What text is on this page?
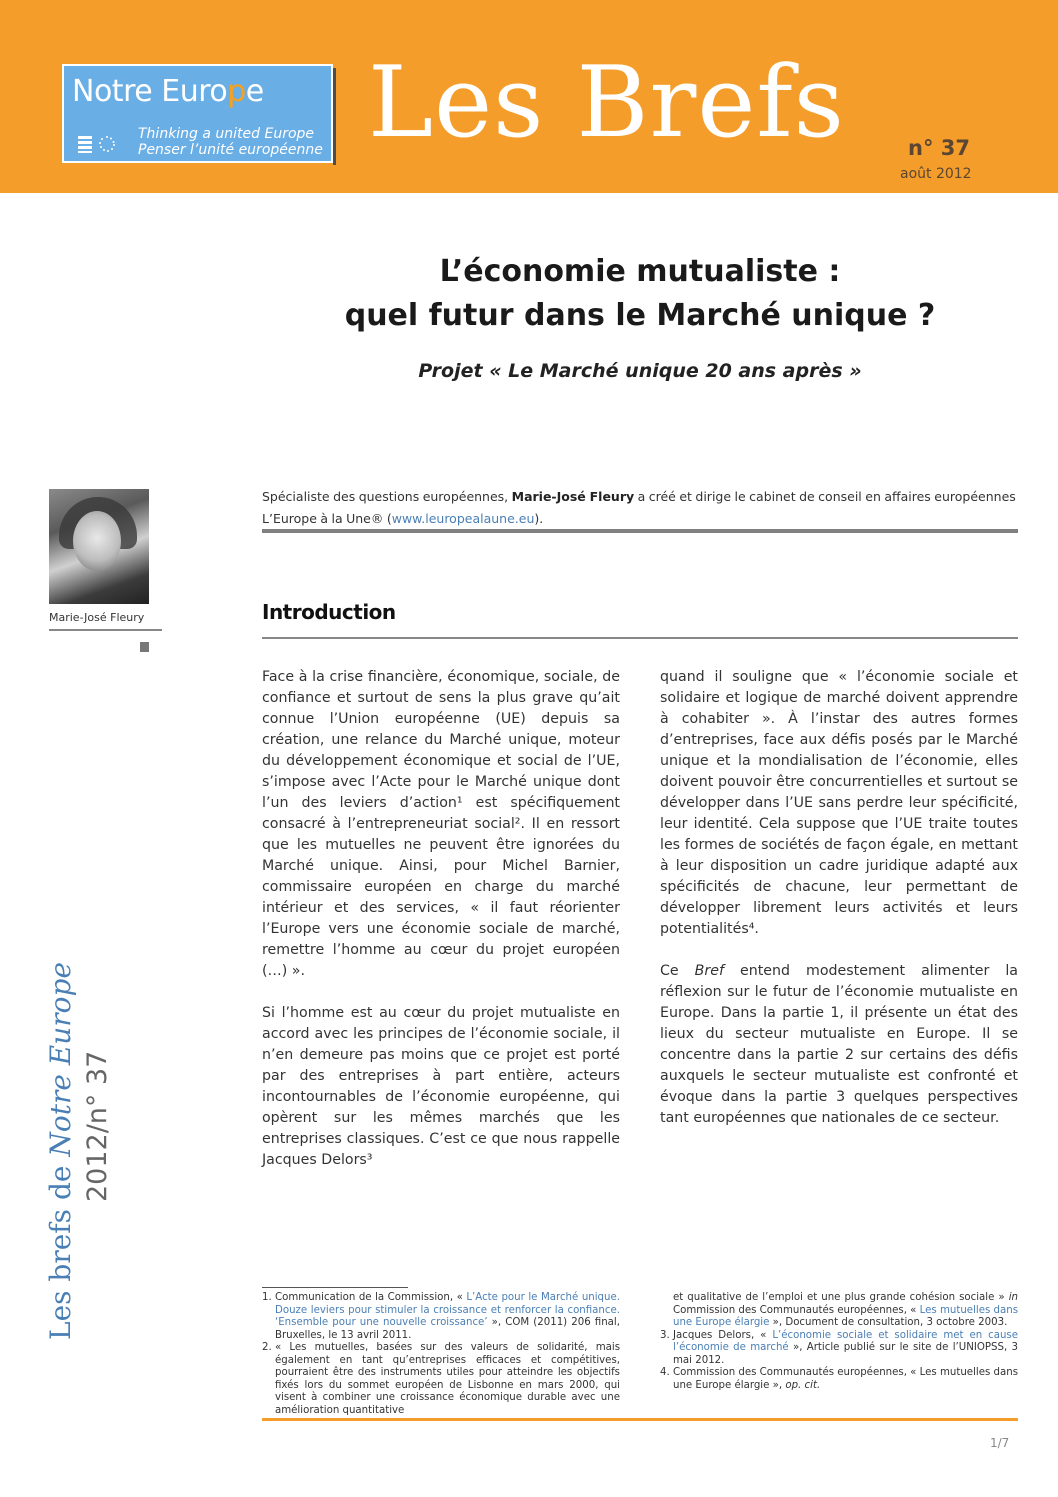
Notre Europe
Thinking a united Europe
Penser l’unité européenne Les Brefs	n° 37
août 2012
L’économie mutualiste :
quel futur dans le Marché unique ?
Projet « Le Marché unique 20 ans après »
Marie-José Fleury
Spécialiste des questions européennes, Marie-José Fleury a créé et dirige le cabinet de conseil en affaires européennes L’Europe à la Une® (www.leuropealaune.eu).
Introduction

Face à la crise financière, économique, sociale, de confiance et surtout de sens la plus grave qu’ait connue l’Union européenne (UE) depuis sa création, une relance du Marché unique, moteur du développement économique et social de l’UE, s’impose avec l’Acte pour le Marché unique dont l’un des leviers d’action¹ est spécifiquement consacré à l’entrepreneuriat social². Il en ressort que les mutuelles ne peuvent être ignorées du Marché unique. Ainsi, pour Michel Barnier, commissaire européen en charge du marché intérieur et des services, « il faut réorienter l’Europe vers une économie sociale de marché, remettre l’homme au cœur du projet européen (…) ».

Si l’homme est au cœur du projet mutualiste en accord avec les principes de l’économie sociale, il n’en demeure pas moins que ce projet est porté par des entreprises à part entière, acteurs incontournables de l’économie européenne, qui opèrent sur les mêmes marchés que les entreprises classiques. C’est ce que nous rappelle Jacques Delors³

quand il souligne que « l’économie sociale et solidaire et logique de marché doivent apprendre à cohabiter ». À l’instar des autres formes d’entreprises, face aux défis posés par le Marché unique et la mondialisation de l’économie, elles doivent pouvoir être concurrentielles et surtout se développer dans l’UE sans perdre leur spécificité, leur identité. Cela suppose que l’UE traite toutes les formes de sociétés de façon égale, en mettant à leur disposition un cadre juridique adapté aux spécificités de chacune, leur permettant de développer librement leurs activités et leurs potentialités⁴.

Ce Bref entend modestement alimenter la réflexion sur le futur de l’économie mutualiste en Europe. Dans la partie 1, il présente un état des lieux du secteur mutualiste en Europe. Il se concentre dans la partie 2 sur certains des défis auxquels le secteur mutualiste est confronté et évoque dans la partie 3 quelques perspectives tant européennes que nationales de ce secteur.

Les brefs de Notre Europe 2012/n° 37
1. Communication de la Commission, « L’Acte pour le Marché unique. Douze leviers pour stimuler la croissance et renforcer la confiance. ‘Ensemble pour une nouvelle croissance’ », COM (2011) 206 final, Bruxelles, le 13 avril 2011.
2. « Les mutuelles, basées sur des valeurs de solidarité, mais également en tant qu’entreprises efficaces et compétitives, pourraient être des instruments utiles pour atteindre les objectifs fixés lors du sommet européen de Lisbonne en mars 2000, qui visent à combiner une croissance économique durable avec une amélioration quantitative
et qualitative de l’emploi et une plus grande cohésion sociale » in Commission des Communautés européennes, « Les mutuelles dans une Europe élargie », Document de consultation, 3 octobre 2003.
3. Jacques Delors, « L’économie sociale et solidaire met en cause l’économie de marché », Article publié sur le site de l’UNIOPSS, 3 mai 2012.
4. Commission des Communautés européennes, « Les mutuelles dans une Europe élargie », op. cit.
1/7
